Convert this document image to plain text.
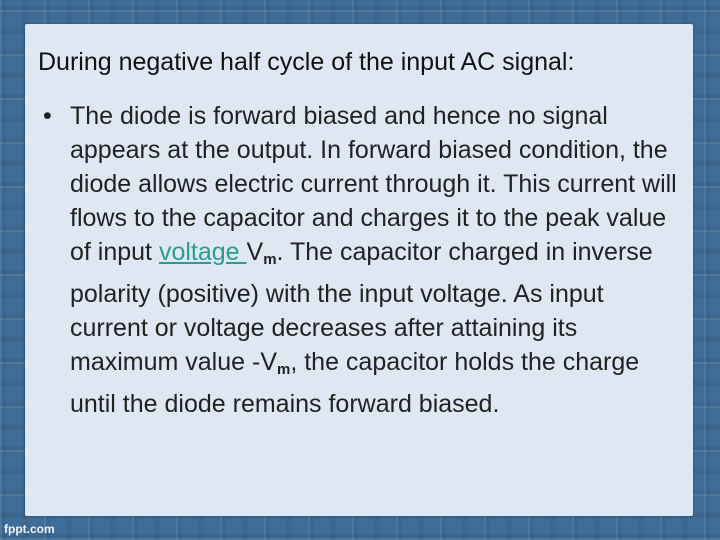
During negative half cycle of the input AC signal:
• The diode is forward biased and hence no signal appears at the output. In forward biased condition, the diode allows electric current through it. This current will flows to the capacitor and charges it to the peak value of input voltage $V_m$. The capacitor charged in inverse polarity (positive) with the input voltage. As input current or voltage decreases after attaining its maximum value $-V_m$, the capacitor holds the charge until the diode remains forward biased.
fppt.com
